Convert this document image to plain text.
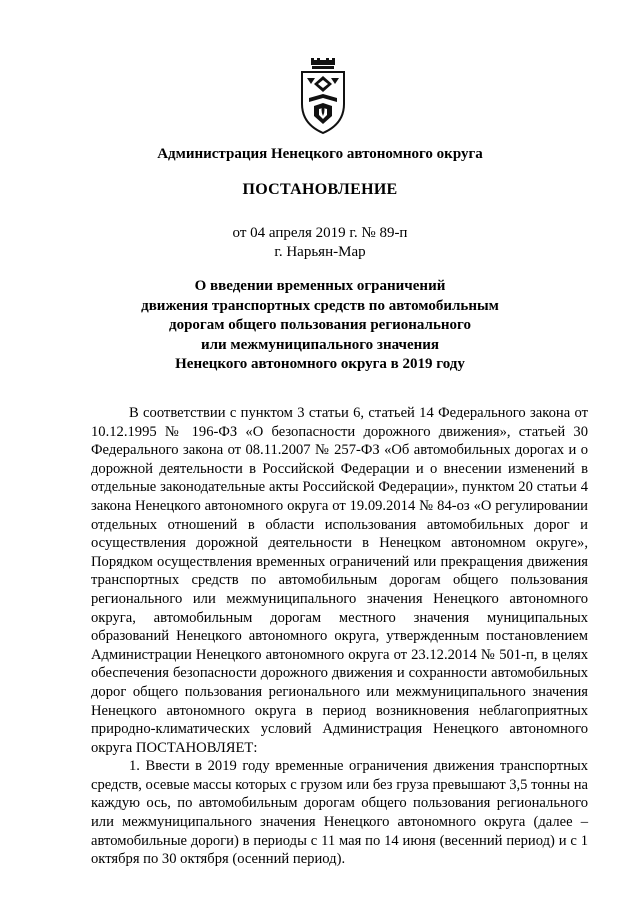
Администрация Ненецкого автономного округа
ПОСТАНОВЛЕНИЕ
от 04 апреля 2019 г. № 89-п
г. Нарьян-Мар
О введении временных ограничений
движения транспортных средств по автомобильным
дорогам общего пользования регионального
или межмуниципального значения
Ненецкого автономного округа в 2019 году

В соответствии с пунктом 3 статьи 6, статьей 14 Федерального закона от 10.12.1995 № 196-ФЗ «О безопасности дорожного движения», статьей 30 Федерального закона от 08.11.2007 № 257-ФЗ «Об автомобильных дорогах и о дорожной деятельности в Российской Федерации и о внесении изменений в отдельные законодательные акты Российской Федерации», пунктом 20 статьи 4 закона Ненецкого автономного округа от 19.09.2014 № 84-оз «О регулировании отдельных отношений в области использования автомобильных дорог и осуществления дорожной деятельности в Ненецком автономном округе», Порядком осуществления временных ограничений или прекращения движения транспортных средств по автомобильным дорогам общего пользования регионального или межмуниципального значения Ненецкого автономного округа, автомобильным дорогам местного значения муниципальных образований Ненецкого автономного округа, утвержденным постановлением Администрации Ненецкого автономного округа от 23.12.2014 № 501-п, в целях обеспечения безопасности дорожного движения и сохранности автомобильных дорог общего пользования регионального или межмуниципального значения Ненецкого автономного округа в период возникновения неблагоприятных природно-климатических условий Администрация Ненецкого автономного округа ПОСТАНОВЛЯЕТ:

1. Ввести в 2019 году временные ограничения движения транспортных средств, осевые массы которых с грузом или без груза превышают 3,5 тонны на каждую ось, по автомобильным дорогам общего пользования регионального или межмуниципального значения Ненецкого автономного округа (далее – автомобильные дороги) в периоды с 11 мая по 14 июня (весенний период) и с 1 октября по 30 октября (осенний период).
